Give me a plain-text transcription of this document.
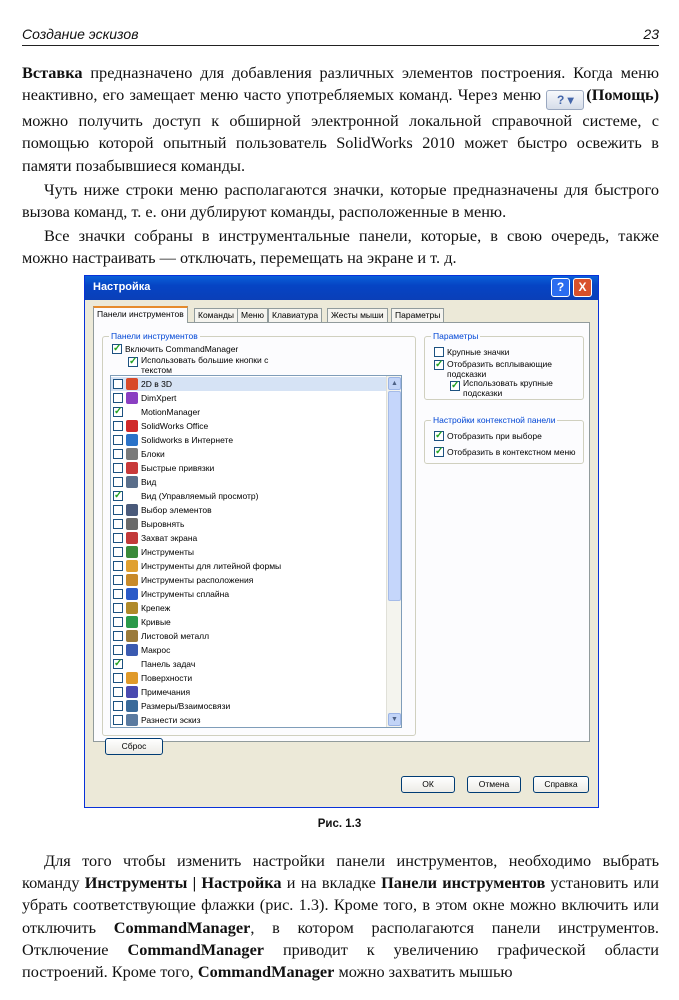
Создание эскизов	23

Вставка предназначено для добавления различных элементов построения. Когда меню неактивно, его замещает меню часто употребляемых команд. Через меню ? ▾ (Помощь) можно получить доступ к обширной электронной локальной справочной системе, с помощью которой опытный пользователь SolidWorks 2010 может быстро освежить в памяти позабывшиеся команды.

Чуть ниже строки меню располагаются значки, которые предназначены для быстрого вызова команд, т. е. они дублируют команды, расположенные в меню.

Все значки собраны в инструментальные панели, которые, в свою очередь, также можно настраивать — отключать, перемещать на экране и т. д.

Настройка	?	X
Панели инструментов	Команды Меню Клавиатура	Жесты мыши	Параметры
Панели инструментов
✓
Включить CommandManager
✓
Использовать большие кнопки с текстом
2D в 3D
DimXpert
✓
MotionManager
SolidWorks Office
Solidworks в Интернете
Блоки
Быстрые привязки
Вид
✓
Вид (Управляемый просмотр)
Выбор элементов
Выровнять
Захват экрана
Инструменты
Инструменты для литейной формы
Инструменты расположения
Инструменты сплайна
Крепеж
Кривые
Листовой металл
Макрос
✓
Панель задач
Поверхности
Примечания
Размеры/Взаимосвязи
Разнести эскиз
▲
▼
Параметры
Крупные значки
✓
Отобразить всплывающие подсказки
✓
Использовать крупные подсказки
Настройки контекстной панели
✓
Отобразить при выборе
✓
Отобразить в контекстном меню
Сброс
ОК	Отмена	Справка
Рис. 1.3

Для того чтобы изменить настройки панели инструментов, необходимо выбрать команду Инструменты | Настройка и на вкладке Панели инструментов установить или убрать соответствующие флажки (рис. 1.3). Кроме того, в этом окне можно включить или отключить CommandManager, в котором располагаются панели инструментов. Отключение CommandManager приводит к увеличению графической области построений. Кроме того, CommandManager можно захватить мышью
